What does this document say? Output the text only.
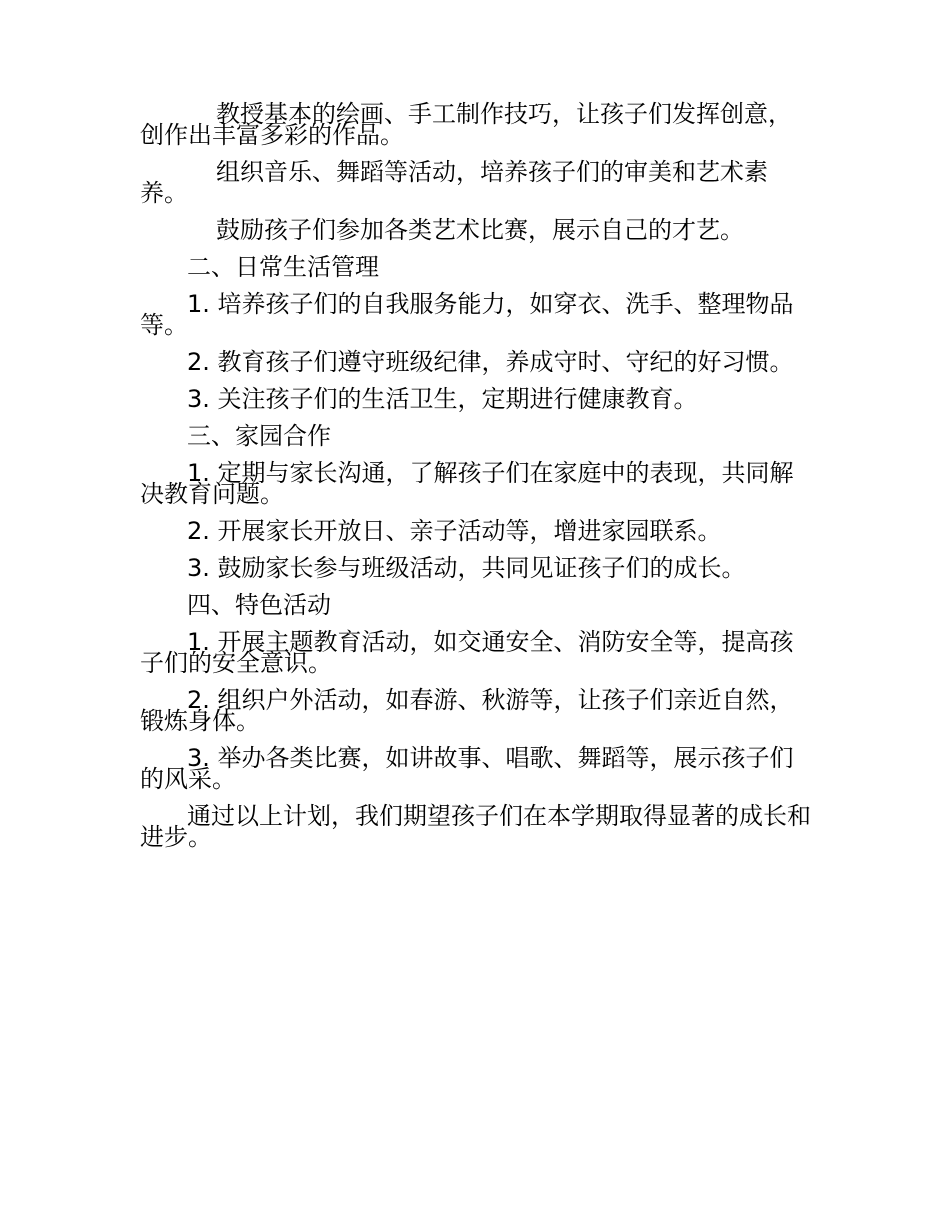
教授基本的绘画、手工制作技巧，让孩子们发挥创意，创作出丰富多彩的作品。

组织音乐、舞蹈等活动，培养孩子们的审美和艺术素养。

鼓励孩子们参加各类艺术比赛，展示自己的才艺。

二、日常生活管理

1. 培养孩子们的自我服务能力，如穿衣、洗手、整理物品等。

2. 教育孩子们遵守班级纪律，养成守时、守纪的好习惯。

3. 关注孩子们的生活卫生，定期进行健康教育。

三、家园合作

1. 定期与家长沟通，了解孩子们在家庭中的表现，共同解决教育问题。

2. 开展家长开放日、亲子活动等，增进家园联系。

3. 鼓励家长参与班级活动，共同见证孩子们的成长。

四、特色活动

1. 开展主题教育活动，如交通安全、消防安全等，提高孩子们的安全意识。

2. 组织户外活动，如春游、秋游等，让孩子们亲近自然，锻炼身体。

3. 举办各类比赛，如讲故事、唱歌、舞蹈等，展示孩子们的风采。

通过以上计划，我们期望孩子们在本学期取得显著的成长和进步。
